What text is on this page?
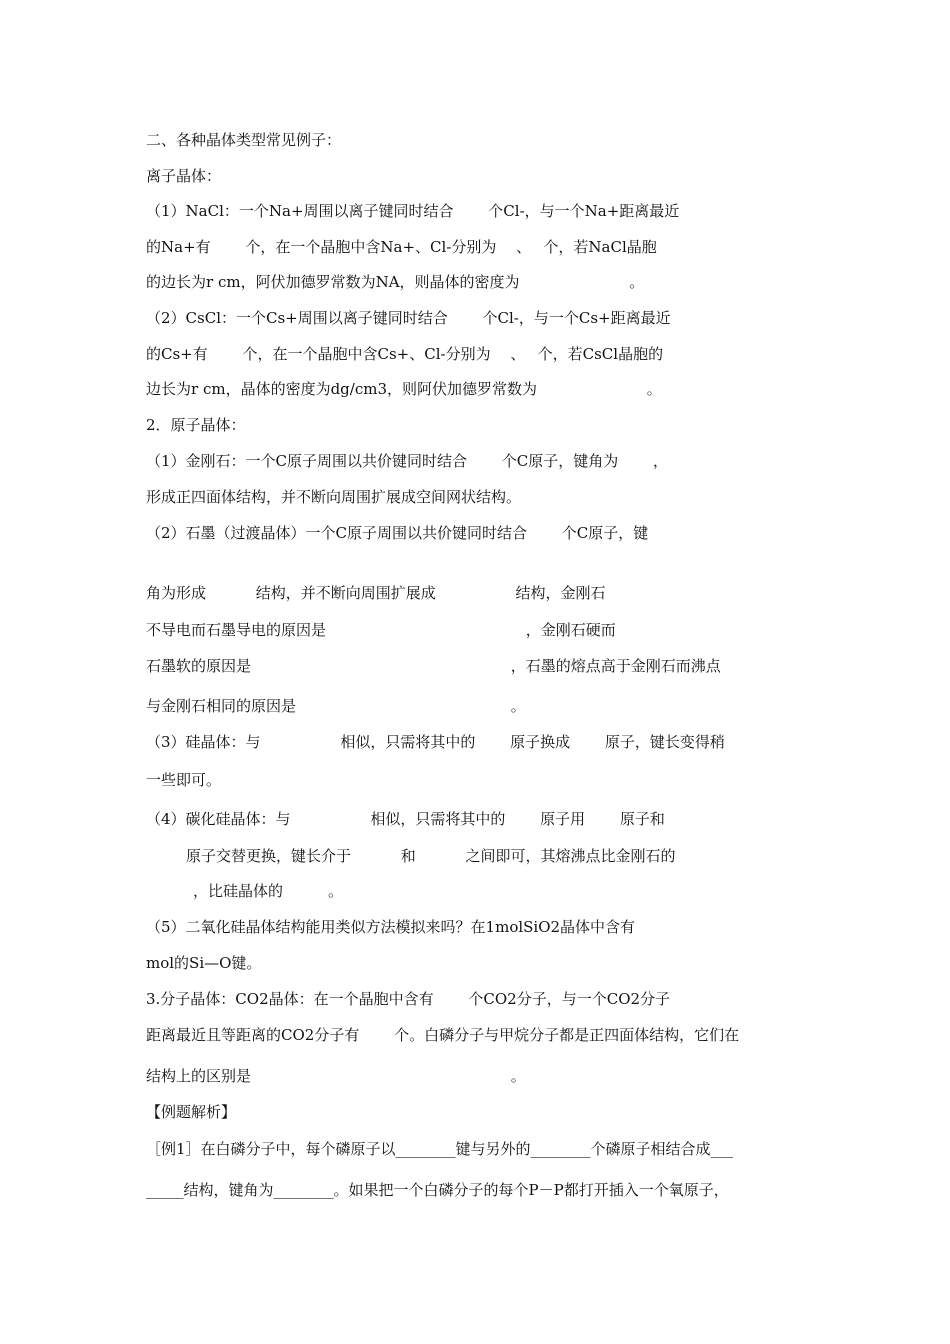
二、各种晶体类型常见例子：

离子晶体：

（1）NaCl：一个Na+周围以离子键同时结合　　 个Cl-，与一个Na+距离最近

的Na+有　　 个，在一个晶胞中含Na+、Cl-分别为　 、　 个，若NaCl晶胞

的边长为r cm，阿伏加德罗常数为NA，则晶体的密度为　　　　　　　 。

（2）CsCl：一个Cs+周围以离子键同时结合　　 个Cl-，与一个Cs+距离最近

的Cs+有　　 个，在一个晶胞中含Cs+、Cl-分别为　 、　 个，若CsCl晶胞的

边长为r cm，晶体的密度为dg/cm3，则阿伏加德罗常数为　　　　　　　 。

2．原子晶体：

（1）金刚石：一个C原子周围以共价键同时结合　　 个C原子，键角为　　 ，

形成正四面体结构，并不断向周围扩展成空间网状结构。

（2）石墨（过渡晶体）一个C原子周围以共价键同时结合　　 个C原子，键

角为形成　　　 结构，并不断向周围扩展成　　　　　 结构，金刚石

不导电而石墨导电的原因是　　　　　　　　　　　　　 ，金刚石硬而

石墨软的原因是　　　　　　　　　　　　　　　　　 ，石墨的熔点高于金刚石而沸点

与金刚石相同的原因是　　　　　　　　　　　　　　 。

（3）硅晶体：与　　　　　 相似，只需将其中的　　 原子换成　　 原子，键长变得稍

一些即可。

（4）碳化硅晶体：与　　　　　 相似，只需将其中的　　 原子用　　 原子和

原子交替更换，键长介于　　　 和　　　 之间即可，其熔沸点比金刚石的

，比硅晶体的　　　。

（5）二氧化硅晶体结构能用类似方法模拟来吗？在1molSiO2晶体中含有

mol的Si—O键。

3.分子晶体：CO2晶体：在一个晶胞中含有　　 个CO2分子，与一个CO2分子

距离最近且等距离的CO2分子有　　 个。白磷分子与甲烷分子都是正四面体结构，它们在

结构上的区别是　　　　　　　　　　　　　　　　　 。

【例题解析】

［例1］在白磷分子中，每个磷原子以________键与另外的________个磷原子相结合成___

_____结构，键角为________。如果把一个白磷分子的每个P－P都打开插入一个氧原子，
